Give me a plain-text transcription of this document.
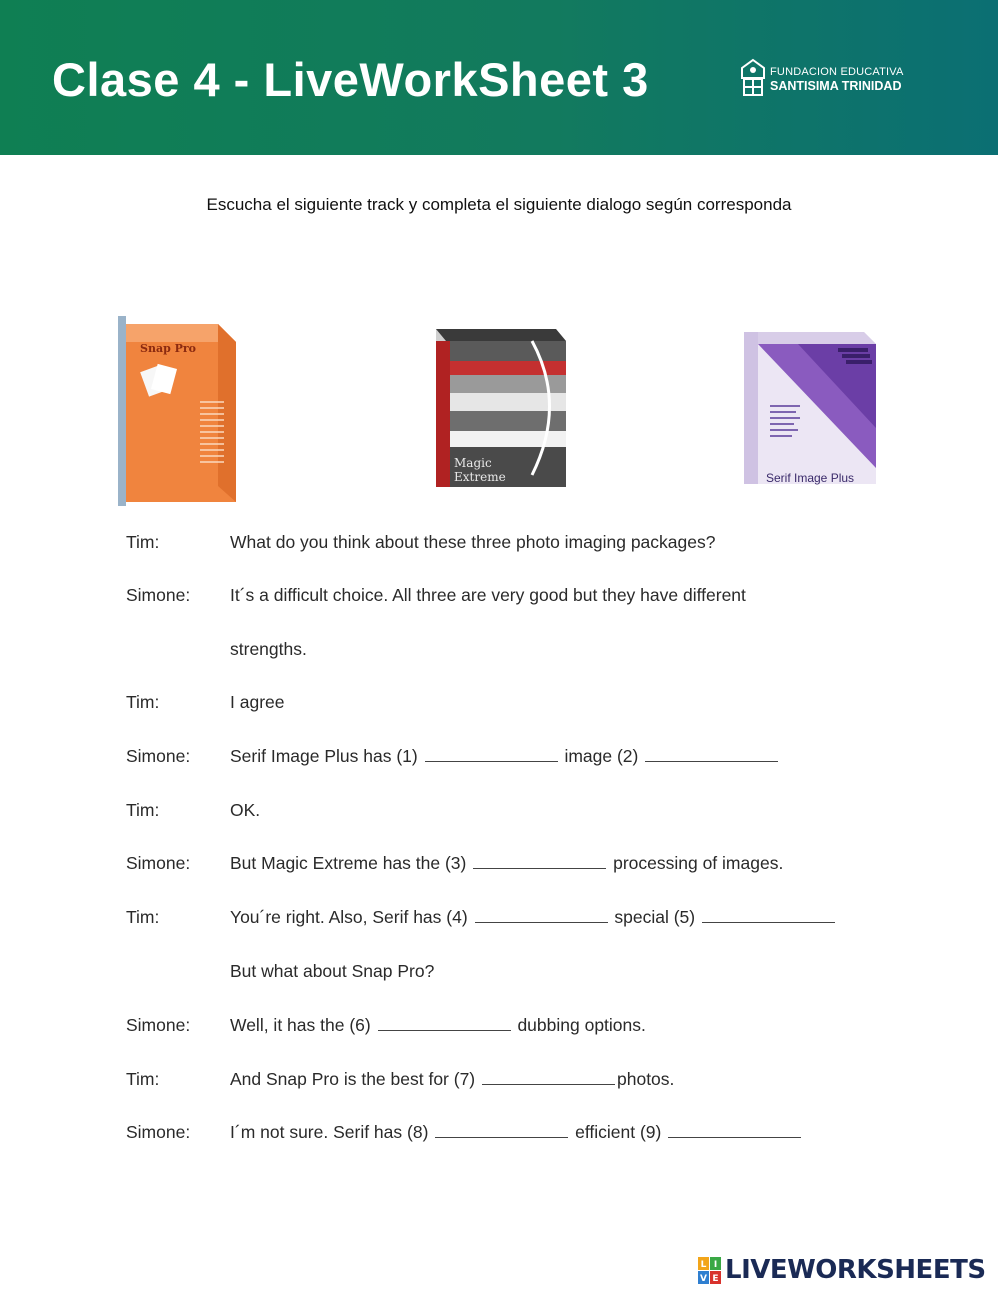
Clase 4 - LiveWorkSheet 3	FUNDACION EDUCATIVA
SANTISIMA TRINIDAD
Escucha el siguiente track y completa el siguiente dialogo según corresponda
Snap Pro
Magic
Extreme	Serif Image Plus
Tim:	What do you think about these three photo imaging packages?
Simone: It´s a difficult choice. All three are very good but they have different
strengths.
Tim:	I agree
Simone: Serif Image Plus has (1)	image (2)
Tim:	OK.
Simone: But Magic Extreme has the (3)	processing of images.
Tim:	You´re right. Also, Serif has (4)	special (5)
But what about Snap Pro?
Simone: Well, it has the (6)	dubbing options.
Tim:	And Snap Pro is the best for (7)	photos.
Simone: I´m not sure. Serif has (8)	efficient (9)
L I
V E LIVEWORKSHEETS
